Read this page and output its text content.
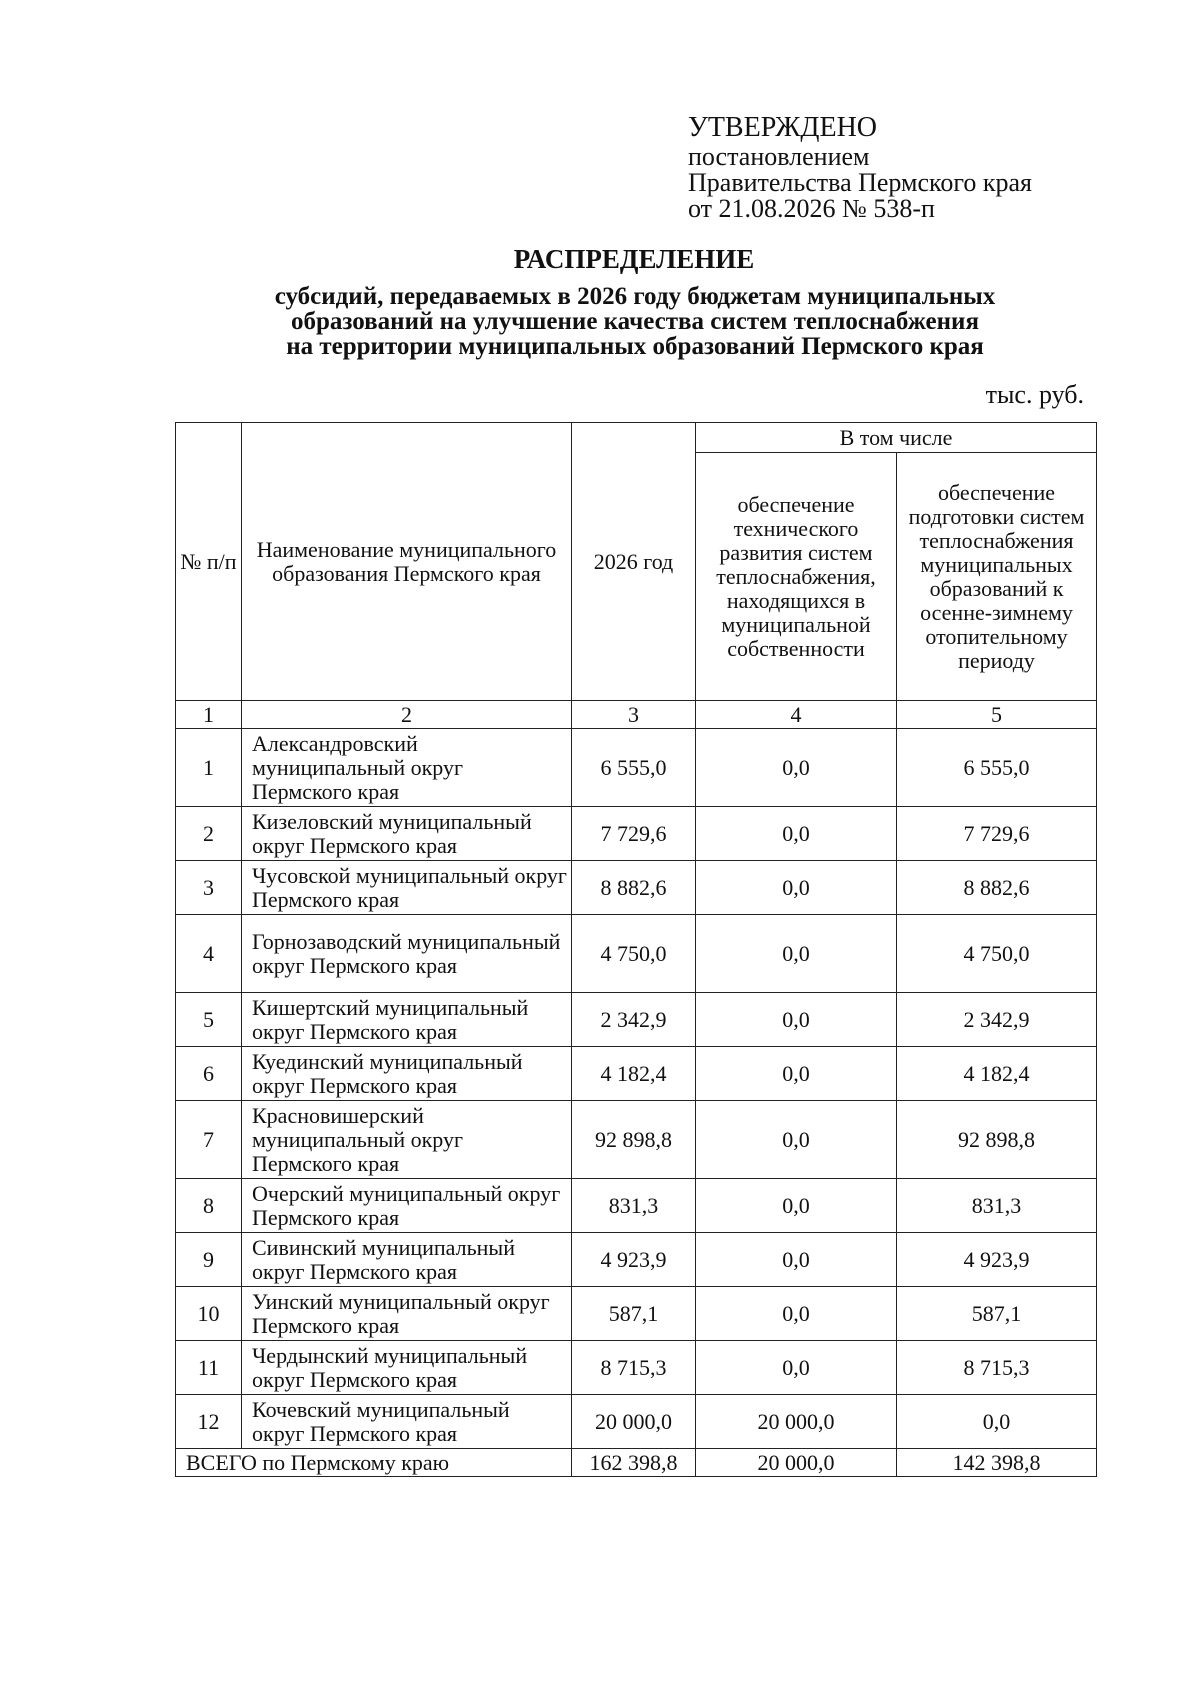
УТВЕРЖДЕНО
постановлением
Правительства Пермского края
от 21.08.2026 № 538-п
РАСПРЕДЕЛЕНИЕ
субсидий, передаваемых в 2026 году бюджетам муниципальных
образований на улучшение качества систем теплоснабжения
на территории муниципальных образований Пермского края
тыс. руб.
№ п/п	Наименование муниципального образования Пермского края	2026 год	В том числе	
			обеспечение технического развития систем теплоснабжения, находящихся в муниципальной собственности	обеспечение подготовки систем теплоснабжения муниципальных образований к осенне-зимнему отопительному периоду
1	2	3	4	5
1	Александровский муниципальный округ Пермского края	6 555,0	0,0	6 555,0
2	Кизеловский муниципальный округ Пермского края	7 729,6	0,0	7 729,6
3	Чусовской муниципальный округ Пермского края	8 882,6	0,0	8 882,6
4	Горнозаводский муниципальный округ Пермского края	4 750,0	0,0	4 750,0
5	Кишертский муниципальный округ Пермского края	2 342,9	0,0	2 342,9
6	Куединский муниципальный округ Пермского края	4 182,4	0,0	4 182,4
7	Красновишерский муниципальный округ Пермского края	92 898,8	0,0	92 898,8
8	Очерский муниципальный округ Пермского края	831,3	0,0	831,3
9	Сивинский муниципальный округ Пермского края	4 923,9	0,0	4 923,9
10	Уинский муниципальный округ Пермского края	587,1	0,0	587,1
11	Чердынский муниципальный округ Пермского края	8 715,3	0,0	8 715,3
12	Кочевский муниципальный округ Пермского края	20 000,0	20 000,0	0,0
ВСЕГО по Пермскому краю		162 398,8	20 000,0	142 398,8
